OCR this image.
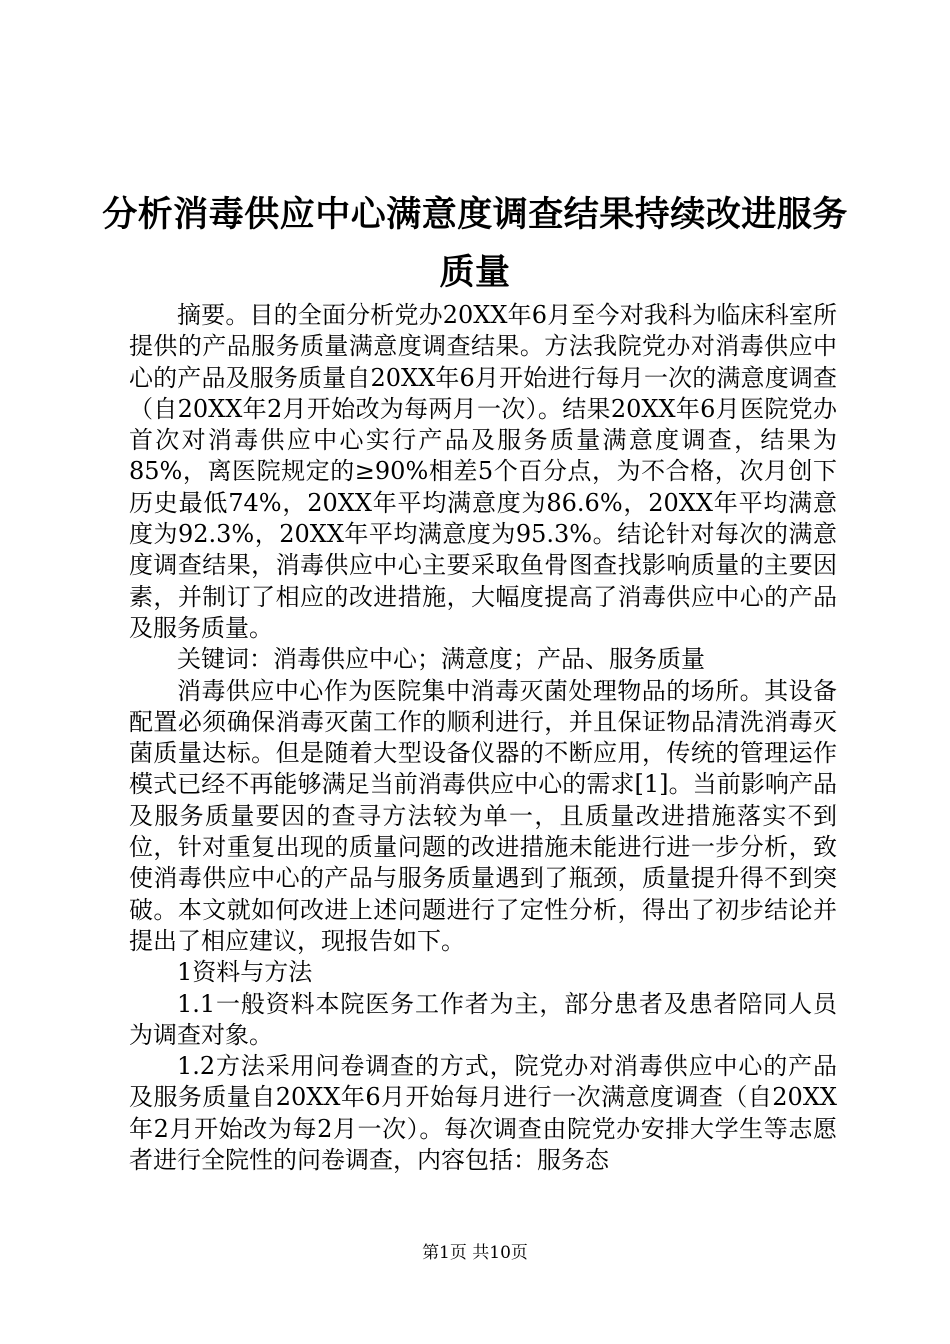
分析消毒供应中心满意度调查结果持续改进服务质量

摘要。目的全面分析党办20XX年6月至今对我科为临床科室所提供的产品服务质量满意度调查结果。方法我院党办对消毒供应中心的产品及服务质量自20XX年6月开始进行每月一次的满意度调查（自20XX年2月开始改为每两月一次）。结果20XX年6月医院党办首次对消毒供应中心实行产品及服务质量满意度调查，结果为85%，离医院规定的≥90%相差5个百分点，为不合格，次月创下历史最低74%，20XX年平均满意度为86.6%，20XX年平均满意度为92.3%，20XX年平均满意度为95.3%。结论针对每次的满意度调查结果，消毒供应中心主要采取鱼骨图查找影响质量的主要因素，并制订了相应的改进措施，大幅度提高了消毒供应中心的产品及服务质量。

关键词：消毒供应中心；满意度；产品、服务质量

消毒供应中心作为医院集中消毒灭菌处理物品的场所。其设备配置必须确保消毒灭菌工作的顺利进行，并且保证物品清洗消毒灭菌质量达标。但是随着大型设备仪器的不断应用，传统的管理运作模式已经不再能够满足当前消毒供应中心的需求[1]。当前影响产品及服务质量要因的查寻方法较为单一，且质量改进措施落实不到位，针对重复出现的质量问题的改进措施未能进行进一步分析，致使消毒供应中心的产品与服务质量遇到了瓶颈，质量提升得不到突破。本文就如何改进上述问题进行了定性分析，得出了初步结论并提出了相应建议，现报告如下。

1资料与方法

1.1一般资料本院医务工作者为主，部分患者及患者陪同人员为调查对象。

1.2方法采用问卷调查的方式，院党办对消毒供应中心的产品及服务质量自20XX年6月开始每月进行一次满意度调查（自20XX年2月开始改为每2月一次）。每次调查由院党办安排大学生等志愿者进行全院性的问卷调查，内容包括：服务态

第1页 共10页
